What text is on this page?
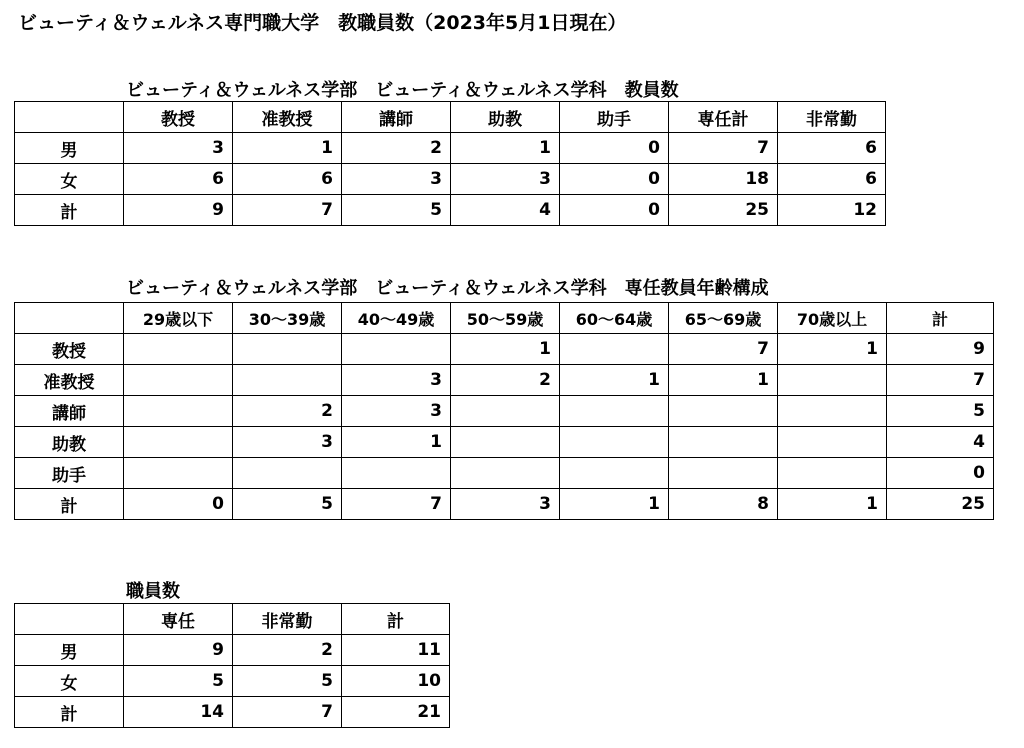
ビューティ＆ウェルネス専門職大学　教職員数（2023年5月1日現在）
ビューティ＆ウェルネス学部　ビューティ＆ウェルネス学科　教員数
	教授	准教授	講師	助教	助手	専任計	非常勤
男	3	1	2	1	0	7	6
女	6	6	3	3	0	18	6
計	9	7	5	4	0	25	12
ビューティ＆ウェルネス学部　ビューティ＆ウェルネス学科　専任教員年齢構成
	29歳以下	30～39歳	40～49歳	50～59歳	60～64歳	65～69歳	70歳以上	計
教授				1		7	1	9
准教授			3	2	1	1		7
講師		2	3					5
助教		3	1					4
助手								0
計	0	5	7	3	1	8	1	25
職員数
	専任	非常勤	計
男	9	2	11
女	5	5	10
計	14	7	21
